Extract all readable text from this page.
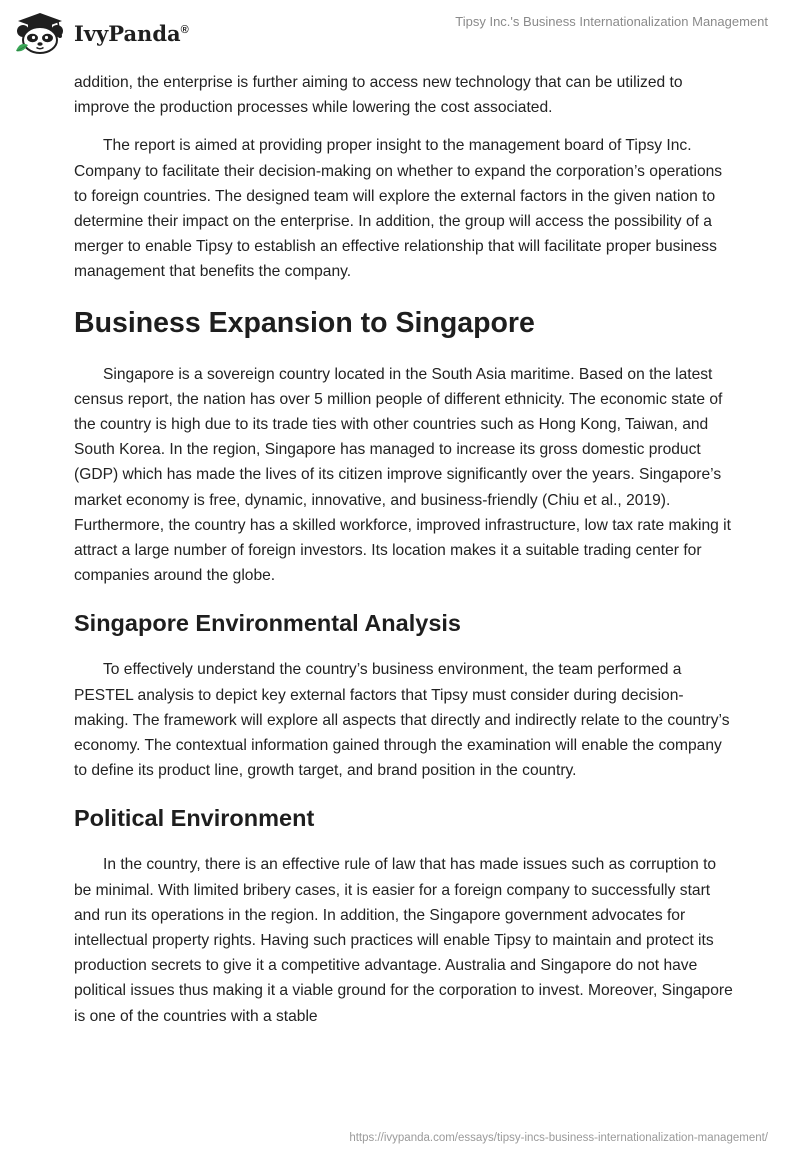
IvyPanda®
Tipsy Inc.'s Business Internationalization Management

addition, the enterprise is further aiming to access new technology that can be utilized to improve the production processes while lowering the cost associated.

The report is aimed at providing proper insight to the management board of Tipsy Inc. Company to facilitate their decision-making on whether to expand the corporation’s operations to foreign countries. The designed team will explore the external factors in the given nation to determine their impact on the enterprise. In addition, the group will access the possibility of a merger to enable Tipsy to establish an effective relationship that will facilitate proper business management that benefits the company.

Business Expansion to Singapore

Singapore is a sovereign country located in the South Asia maritime. Based on the latest census report, the nation has over 5 million people of different ethnicity. The economic state of the country is high due to its trade ties with other countries such as Hong Kong, Taiwan, and South Korea. In the region, Singapore has managed to increase its gross domestic product (GDP) which has made the lives of its citizen improve significantly over the years. Singapore’s market economy is free, dynamic, innovative, and business-friendly (Chiu et al., 2019). Furthermore, the country has a skilled workforce, improved infrastructure, low tax rate making it attract a large number of foreign investors. Its location makes it a suitable trading center for companies around the globe.

Singapore Environmental Analysis

To effectively understand the country’s business environment, the team performed a PESTEL analysis to depict key external factors that Tipsy must consider during decision-making. The framework will explore all aspects that directly and indirectly relate to the country’s economy. The contextual information gained through the examination will enable the company to define its product line, growth target, and brand position in the country.

Political Environment

In the country, there is an effective rule of law that has made issues such as corruption to be minimal. With limited bribery cases, it is easier for a foreign company to successfully start and run its operations in the region. In addition, the Singapore government advocates for intellectual property rights. Having such practices will enable Tipsy to maintain and protect its production secrets to give it a competitive advantage. Australia and Singapore do not have political issues thus making it a viable ground for the corporation to invest. Moreover, Singapore is one of the countries with a stable

https://ivypanda.com/essays/tipsy-incs-business-internationalization-management/
